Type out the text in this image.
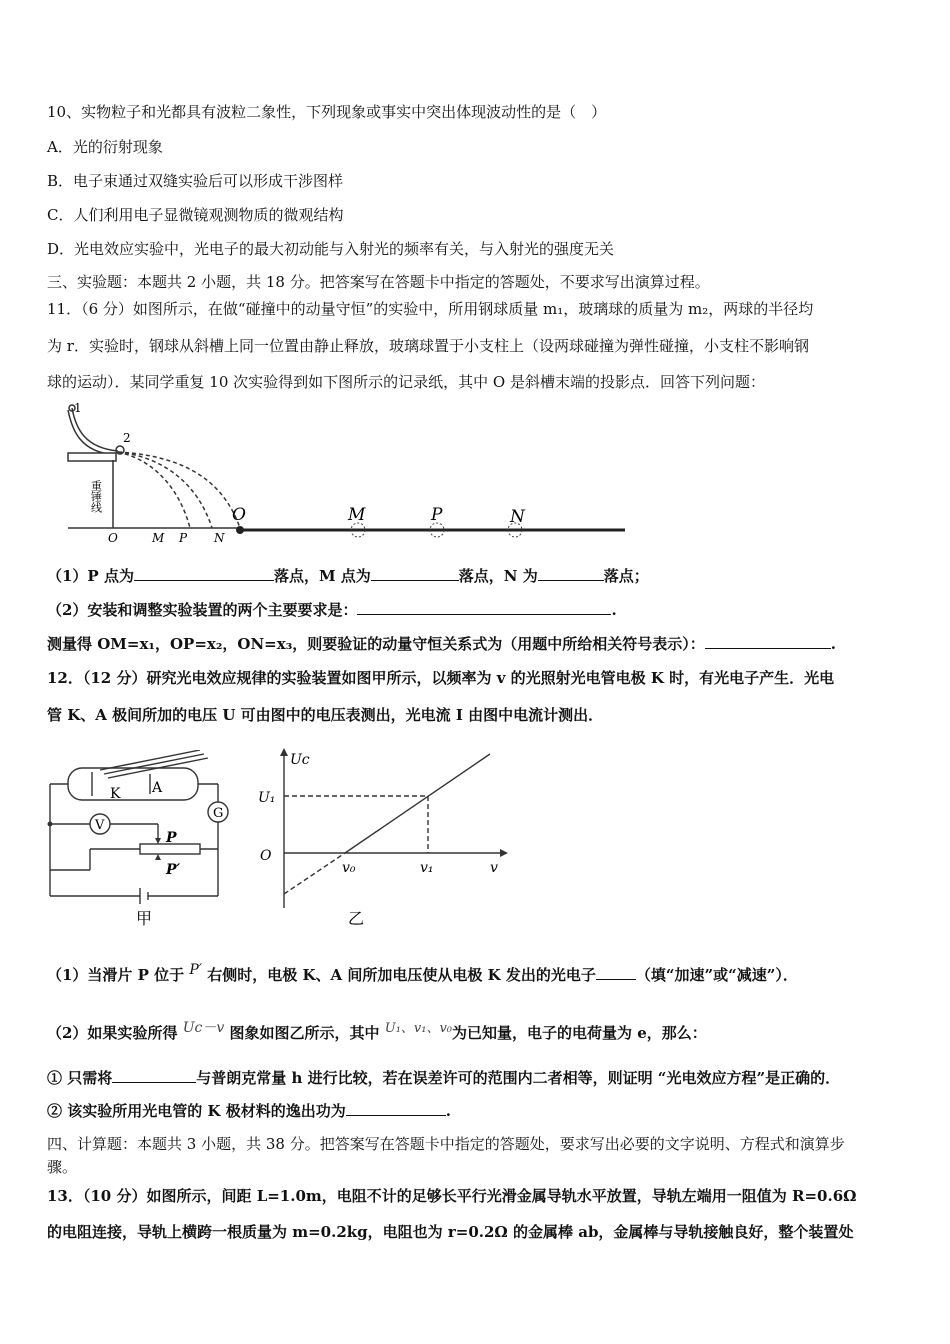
10、实物粒子和光都具有波粒二象性，下列现象或事实中突出体现波动性的是（　）
A．光的衍射现象
B．电子束通过双缝实验后可以形成干涉图样
C．人们利用电子显微镜观测物质的微观结构
D．光电效应实验中，光电子的最大初动能与入射光的频率有关，与入射光的强度无关
三、实验题：本题共 2 小题，共 18 分。把答案写在答题卡中指定的答题处，不要求写出演算过程。
11．（6 分）如图所示，在做“碰撞中的动量守恒”的实验中，所用钢球质量 m₁，玻璃球的质量为 m₂，两球的半径均
为 r．实验时，钢球从斜槽上同一位置由静止释放，玻璃球置于小支柱上（设两球碰撞为弹性碰撞，小支柱不影响钢
球的运动）．某同学重复 10 次实验得到如下图所示的记录纸，其中 O 是斜槽末端的投影点．回答下列问题：
1
2
重锤线
O	M P N
O	M	P	N
（1）P 点为	落点，M 点为	落点，N 为	落点；
（2）安装和调整实验装置的两个主要要求是：	.
测量得 OM=x₁，OP=x₂，ON=x₃，则要验证的动量守恒关系式为（用题中所给相关符号表示）：	.
12．（12 分）研究光电效应规律的实验装置如图甲所示，以频率为 v 的光照射光电管电极 K 时，有光电子产生．光电
管 K、A 极间所加的电压 U 可由图中的电压表测出，光电流 I 由图中电流计测出．
K A
G
V
P
P′
甲
Uc
U₁
O
v₀	v₁	v
乙
（1）当滑片 P 位于 P′ 右侧时，电极 K、A 间所加电压使从电极 K 发出的光电子	（填“加速”或“减速”）．
（2）如果实验所得 Uc－v 图象如图乙所示，其中 U₁、v₁、v₀为已知量，电子的电荷量为 e，那么：
① 只需将	与普朗克常量 h 进行比较，若在误差许可的范围内二者相等，则证明 “光电效应方程”是正确的．
② 该实验所用光电管的 K 极材料的逸出功为	.
四、计算题：本题共 3 小题，共 38 分。把答案写在答题卡中指定的答题处，要求写出必要的文字说明、方程式和演算步
骤。
13．（10 分）如图所示，间距 L=1.0m，电阻不计的足够长平行光滑金属导轨水平放置，导轨左端用一阻值为 R=0.6Ω
的电阻连接，导轨上横跨一根质量为 m=0.2kg，电阻也为 r=0.2Ω 的金属棒 ab，金属棒与导轨接触良好，整个装置处
